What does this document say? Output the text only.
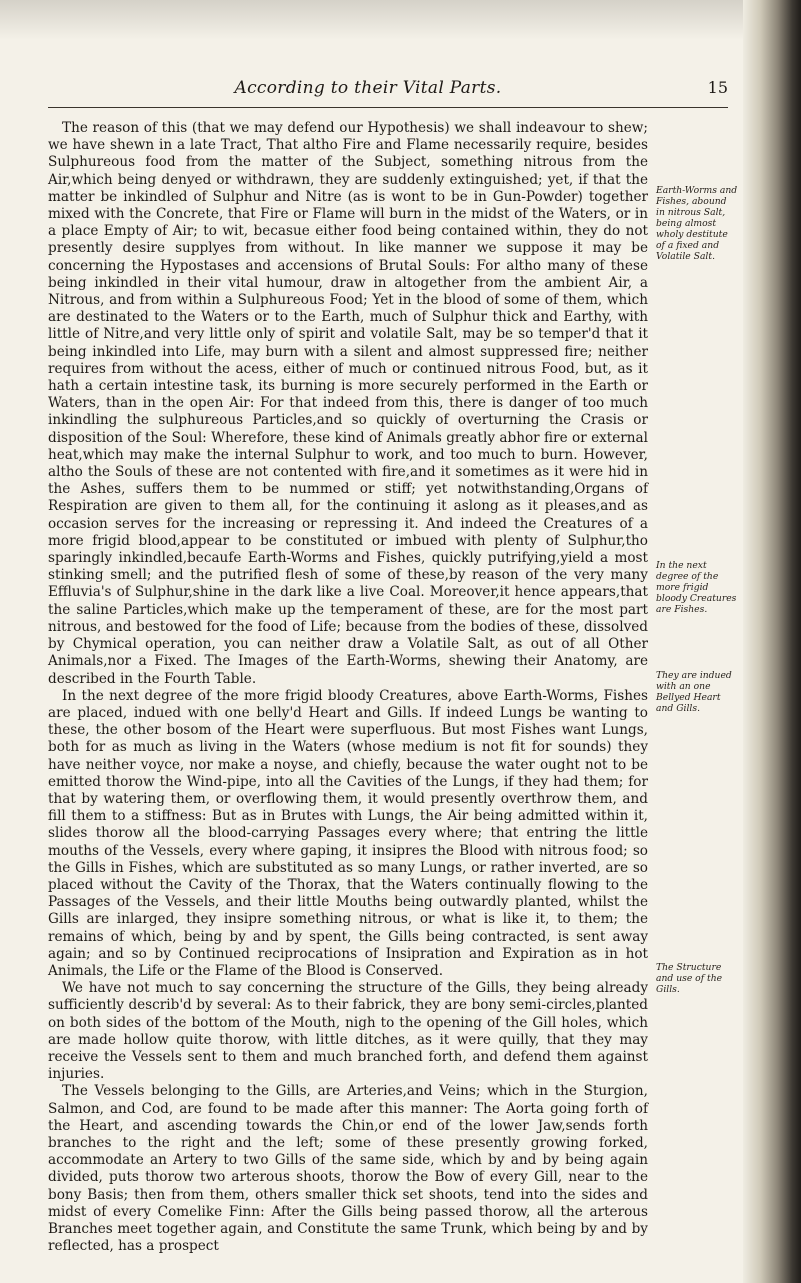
According to their Vital Parts.	15

The reason of this (that we may defend our Hypothesis) we shall indeavour to shew; we have shewn in a late Tract, That altho Fire and Flame necessarily require, besides Sulphureous food from the matter of the Subject, something nitrous from the Air,which being denyed or withdrawn, they are suddenly extinguished; yet, if that the matter be inkindled of Sulphur and Nitre (as is wont to be in Gun-Powder) together mixed with the Concrete, that Fire or Flame will burn in the midst of the Waters, or in a place Empty of Air; to wit, becasue either food being contained within, they do not presently desire supplyes from without. In like manner we suppose it may be concerning the Hypostases and accensions of Brutal Souls: For altho many of these being inkindled in their vital humour, draw in altogether from the ambient Air, a Nitrous, and from within a Sulphureous Food; Yet in the blood of some of them, which are destinated to the Waters or to the Earth, much of Sulphur thick and Earthy, with little of Nitre,and very little only of spirit and volatile Salt, may be so temper'd that it being inkindled into Life, may burn with a silent and almost suppressed fire; neither requires from without the acess, either of much or continued nitrous Food, but, as it hath a certain intestine task, its burning is more securely performed in the Earth or Waters, than in the open Air: For that indeed from this, there is danger of too much inkindling the sulphureous Particles,and so quickly of overturning the Crasis or disposition of the Soul: Wherefore, these kind of Animals greatly abhor fire or external heat,which may make the internal Sulphur to work, and too much to burn. However, altho the Souls of these are not contented with fire,and it sometimes as it were hid in the Ashes, suffers them to be nummed or stiff; yet notwithstanding,Organs of Respiration are given to them all, for the continuing it aslong as it pleases,and as occasion serves for the increasing or repressing it. And indeed the Creatures of a more frigid blood,appear to be constituted or imbued with plenty of Sulphur,tho sparingly inkindled,becaufe Earth-Worms and Fishes, quickly putrifying,yield a most stinking smell; and the putrified flesh of some of these,by reason of the very many Effluvia's of Sulphur,shine in the dark like a live Coal. Moreover,it hence appears,that the saline Particles,which make up the temperament of these, are for the most part nitrous, and bestowed for the food of Life; because from the bodies of these, dissolved by Chymical operation, you can neither draw a Volatile Salt, as out of all Other Animals,nor a Fixed. The Images of the Earth-Worms, shewing their Anatomy, are described in the Fourth Table.

In the next degree of the more frigid bloody Creatures, above Earth-Worms, Fishes are placed, indued with one belly'd Heart and Gills. If indeed Lungs be wanting to these, the other bosom of the Heart were superfluous. But most Fishes want Lungs, both for as much as living in the Waters (whose medium is not fit for sounds) they have neither voyce, nor make a noyse, and chiefly, because the water ought not to be emitted thorow the Wind-pipe, into all the Cavities of the Lungs, if they had them; for that by watering them, or overflowing them, it would presently overthrow them, and fill them to a stiffness: But as in Brutes with Lungs, the Air being admitted within it, slides thorow all the blood-carrying Passages every where; that entring the little mouths of the Vessels, every where gaping, it insipres the Blood with nitrous food; so the Gills in Fishes, which are substituted as so many Lungs, or rather inverted, are so placed without the Cavity of the Thorax, that the Waters continually flowing to the Passages of the Vessels, and their little Mouths being outwardly planted, whilst the Gills are inlarged, they insipre something nitrous, or what is like it, to them; the remains of which, being by and by spent, the Gills being contracted, is sent away again; and so by Continued reciprocations of Insipration and Expiration as in hot Animals, the Life or the Flame of the Blood is Conserved.

We have not much to say concerning the structure of the Gills, they being already sufficiently describ'd by several: As to their fabrick, they are bony semi-circles,planted on both sides of the bottom of the Mouth, nigh to the opening of the Gill holes, which are made hollow quite thorow, with little ditches, as it were quilly, that they may receive the Vessels sent to them and much branched forth, and defend them against injuries.

The Vessels belonging to the Gills, are Arteries,and Veins; which in the Sturgion, Salmon, and Cod, are found to be made after this manner: The Aorta going forth of the Heart, and ascending towards the Chin,or end of the lower Jaw,sends forth branches to the right and the left; some of these presently growing forked, accommodate an Artery to two Gills of the same side, which by and by being again divided, puts thorow two arterous shoots, thorow the Bow of every Gill, near to the bony Basis; then from them, others smaller thick set shoots, tend into the sides and midst of every Comelike Finn: After the Gills being passed thorow, all the arterous Branches meet together again, and Constitute the same Trunk, which being by and by reflected, has a prospect

Earth-Worms and Fishes, abound in nitrous Salt, being almost wholy destitute of a fixed and Volatile Salt.
In the next degree of the more frigid bloody Creatures are Fishes.
They are indued with an one Bellyed Heart and Gills.
The Structure and use of the Gills.
